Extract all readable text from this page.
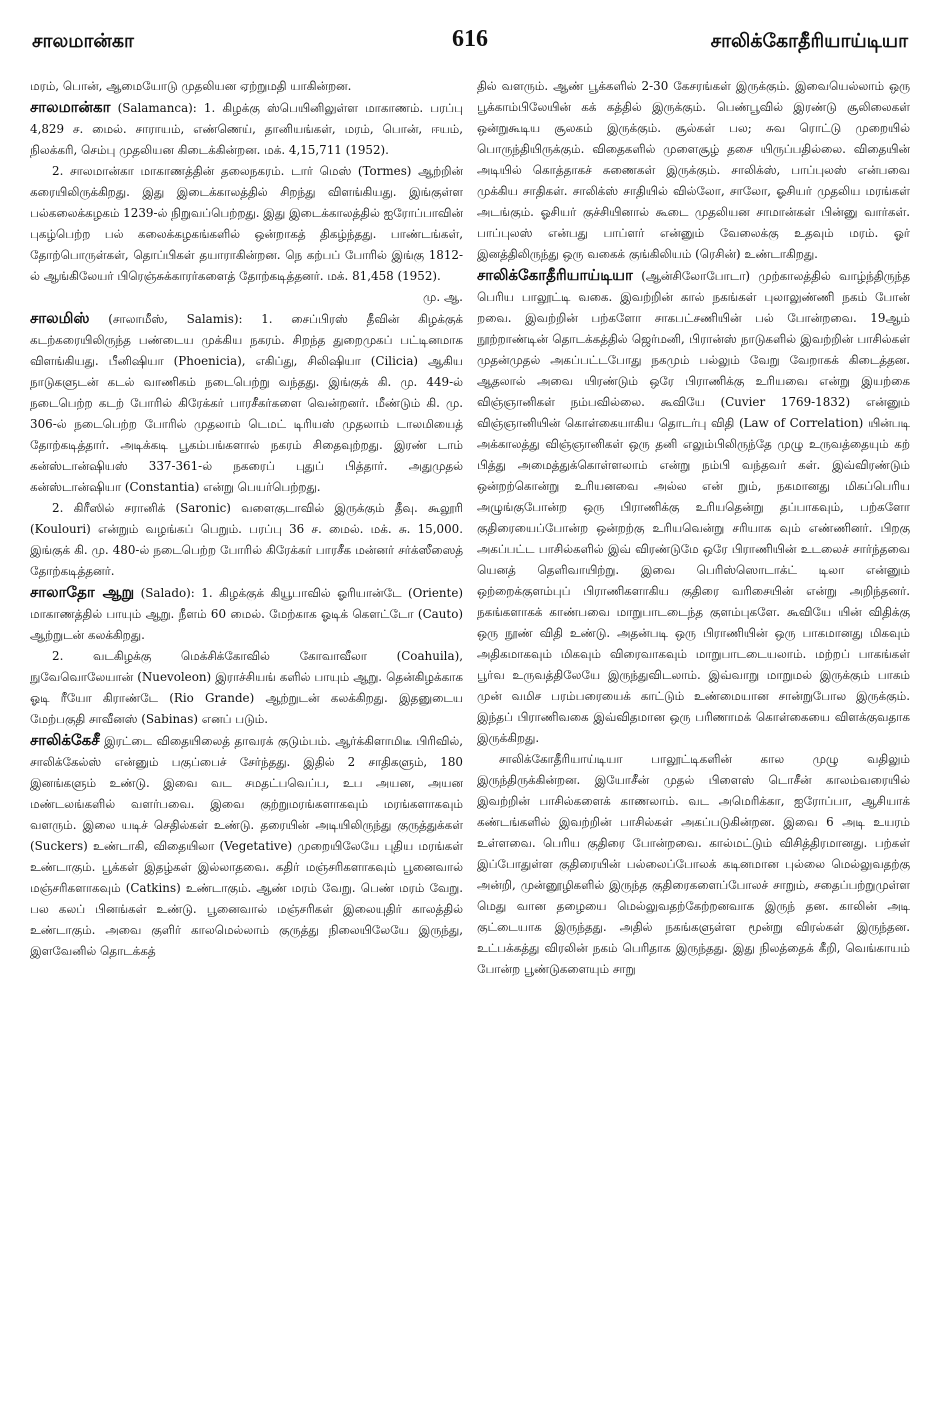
சாலமான்கா	616	சாலிக்கோதீரியாய்டியா

மரம், பொன், ஆமையோடு முதலியன ஏற்றுமதி யாகின்றன.

சாலமான்கா (Salamanca): 1. கிழக்கு ஸ்பெயினிலுள்ள மாகாணம். பரப்பு 4,829 ச. மைல். சாராயம், எண்ணெய், தானியங்கள், மரம், பொன், ஈயம், நிலக்கரி, செம்பு முதலியன கிடைக்கின்றன. மக். 4,15,711 (1952).

2. சாலமான்கா மாகாணத்தின் தலைநகரம். டார் மெஸ் (Tormes) ஆற்றின் கரையிலிருக்கிறது. இது இடைக்காலத்தில் சிறந்து விளங்கியது. இங்குள்ள பல்கலைக்கழகம் 1239-ல் நிறுவப்பெற்றது. இது இடைக்காலத்தில் ஐரோப்பாவின் புகழ்பெற்ற பல் கலைக்கழகங்களில் ஒன்றாகத் திகழ்ந்தது. பாண்டங்கள், தோற்பொருள்கள், தொப்பிகள் தயாராகின்றன. நெ கற்பப் போரில் இங்கு 1812-ல் ஆங்கிலேயர் பிரெஞ்சுக்காரர்களைத் தோற்கடித்தனர். மக். 81,458 (1952).
மு. ஆ.

சாலமிஸ் (சாலாமீஸ், Salamis): 1. சைப்பிரஸ் தீவின் கிழக்குக் கடற்கரையிலிருந்த பண்டைய முக்கிய நகரம். சிறந்த துறைமுகப் பட்டினமாக விளங்கியது. பீனிஷியா (Phoenicia), எகிப்து, சிலிஷியா (Cilicia) ஆகிய நாடுகளுடன் கடல் வாணிகம் நடைபெற்று வந்தது. இங்குக் கி. மு. 449-ல் நடைபெற்ற கடற் போரில் கிரேக்கர் பாரசீகர்களை வென்றனர். மீண்டும் கி. மு. 306-ல் நடைபெற்ற போரில் முதலாம் டெமட் டிரியஸ் முதலாம் டாலமியைத் தோற்கடித்தார். அடிக்கடி பூகம்பங்களால் நகரம் சிதைவுற்றது. இரண் டாம் கன்ஸ்டான்ஷியஸ் 337-361-ல் நகரைப் புதுப் பித்தார். அதுமுதல் கன்ஸ்டான்ஷியா (Constantia) என்று பெயர்பெற்றது.

2. கிரீஸில் சரானிக் (Saronic) வளைகுடாவில் இருக்கும் தீவு. கூலூரி (Koulouri) என்றும் வழங்கப் பெறும். பரப்பு 36 ச. மைல். மக். சு. 15,000. இங்குக் கி. மு. 480-ல் நடைபெற்ற போரில் கிரேக்கர் பாரசீக மன்னர் சர்க்ஸீஸைத் தோற்கடித்தனர்.

சாலாதோ ஆறு (Salado): 1. கிழக்குக் கியூபாவில் ஓரியான்டே (Oriente) மாகாணத்தில் பாயும் ஆறு. நீளம் 60 மைல். மேற்காக ஓடிக் கௌட்டோ (Cauto) ஆற்றுடன் கலக்கிறது.

2. வடகிழக்கு மெக்சிக்கோவில் கோவாவீலா (Coahuila), நுவேவொலேயான் (Nuevoleon) இராச்சியங் களில் பாயும் ஆறு. தென்கிழக்காக ஓடி ரீயோ கிராண்டே (Rio Grande) ஆற்றுடன் கலக்கிறது. இதனுடைய மேற்பகுதி சாவீனஸ் (Sabinas) எனப் படும்.

சாலிக்கேசீ இரட்டை விதையிலைத் தாவரக் குடும்பம். ஆர்க்கிளாமிடீ பிரிவில், சாலிக்கேல்ஸ் என்னும் பகுப்பைச் சேர்ந்தது. இதில் 2 சாதிகளும், 180 இனங்களும் உண்டு. இவை வட சமதட்பவெப்ப, உப அயன, அயன மண்டலங்களில் வளர்பவை. இவை குற்றுமரங்களாகவும் மரங்களாகவும் வளரும். இலை யடிச் செதில்கள் உண்டு. தரையின் அடியிலிருந்து குருத்துக்கள் (Suckers) உண்டாகி, விதையிலா (Vegetative) முறையிலேயே புதிய மரங்கள் உண்டாகும். பூக்கள் இதழ்கள் இல்லாதவை. கதிர் மஞ்சரிகளாகவும் பூனைவால் மஞ்சரிகளாகவும் (Catkins) உண்டாகும். ஆண் மரம் வேறு. பெண் மரம் வேறு. பல கலப் பினங்கள் உண்டு. பூனைவால் மஞ்சரிகள் இலையுதிர் காலத்தில் உண்டாகும். அவை குளிர் காலமெல்லாம் குருத்து நிலையிலேயே இருந்து, இளவேனில் தொடக்கத்

தில் வளரும். ஆண் பூக்களில் 2-30 கேசரங்கள் இருக்கும். இவையெல்லாம் ஒரு பூக்காம்பிலேயின் கக் கத்தில் இருக்கும். பெண்பூவில் இரண்டு சூலிலைகள் ஒன்றுகூடிய சூலகம் இருக்கும். சூல்கள் பல; சுவ ரொட்டு முறையில் பொருந்தியிருக்கும். விதைகளில் முளைசூழ் தசை யிருப்பதில்லை. விதையின் அடியில் கொத்தாகச் சுணைகள் இருக்கும். சாலிக்ஸ், பாப்புலஸ் என்பவை முக்கிய சாதிகள். சாலிக்ஸ் சாதியில் வில்லோ, சாலோ, ஓசியர் முதலிய மரங்கள் அடங்கும். ஓசியர் குச்சியினால் கூடை முதலியன சாமான்கள் பின்னு வார்கள். பாப்புலஸ் என்பது பாப்ளர் என்னும் வேலைக்கு உதவும் மரம். ஓர் இனத்திலிருந்து ஒரு வகைக் குங்கிலியம் (ரெசின்) உண்டாகிறது.

சாலிக்கோதீரியாய்டியா (ஆன்சிலோபோடா) முற்காலத்தில் வாழ்ந்திருந்த பெரிய பாலூட்டி வகை. இவற்றின் கால் நகங்கள் புலாலுண்ணி நகம் போன் றவை. இவற்றின் பற்களோ சாகபட்சணியின் பல் போன்றவை. 19ஆம் நூற்றாண்டின் தொடக்கத்தில் ஜெர்மனி, பிரான்ஸ் நாடுகளில் இவற்றின் பாசில்கள் முதன்முதல் அகப்பட்டபோது நகமும் பல்லும் வேறு வேறாகக் கிடைத்தன. ஆதலால் அவை யிரண்டும் ஒரே பிராணிக்கு உரியவை என்று இயற்கை விஞ்ஞானிகள் நம்பவில்லை. கூவியே (Cuvier 1769-1832) என்னும் விஞ்ஞானியின் கொள்கையாகிய தொடர்பு விதி (Law of Correlation) யின்படி அக்காலத்து விஞ்ஞானிகள் ஒரு தனி எலும்பிலிருந்தே முழு உருவத்தையும் கற் பித்து அமைத்துக்கொள்ளலாம் என்று நம்பி வந்தவர் கள். இவ்விரண்டும் ஒன்றற்கொன்று உரியனவை அல்ல என் றும், நகமானது மிகப்பெரிய அழுங்குபோன்ற ஒரு பிராணிக்கு உரியதென்று தப்பாகவும், பற்களோ குதிரையைப்போன்ற ஒன்றற்கு உரியவென்று சரியாக வும் எண்ணினர். பிறகு அகப்பட்ட பாசில்களில் இவ் விரண்டுமே ஒரே பிராணியின் உடலைச் சார்ந்தவை யெனத் தெளிவாயிற்று. இவை பெரிஸ்ஸொடாக்ட் டிலா என்னும் ஒற்றைக்குளம்புப் பிராணிகளாகிய குதிரை வரிசையின் என்று அறிந்தனர். நகங்களாகக் காண்பவை மாறுபாடடைந்த குளம்புகளே. கூவியே யின் விதிக்கு ஒரு நூண் விதி உண்டு. அதன்படி ஒரு பிராணியின் ஒரு பாகமானது மிகவும் அதிகமாகவும் மிகவும் விரைவாகவும் மாறுபாடடையலாம். மற்றப் பாகங்கள் பூர்வ உருவத்திலேயே இருந்துவிடலாம். இவ்வாறு மாறுமல் இருக்கும் பாகம் முன் வமிச பரம்பரையைக் காட்டும் உண்மையான சான்றுபோல இருக்கும். இந்தப் பிராணிவகை இவ்விதமான ஒரு பரிணாமக் கொள்கையை விளக்குவதாக இருக்கிறது.

சாலிக்கோதீரியாய்டியா பாலூட்டிகளின் கால முழு வதிலும் இருந்திருக்கின்றன. இயோசீன் முதல் பிளைஸ் டொசீன் காலம்வரையில் இவற்றின் பாசில்களைக் காணலாம். வட அமெரிக்கா, ஐரோப்பா, ஆசியாக் கண்டங்களில் இவற்றின் பாசில்கள் அகப்படுகின்றன. இவை 6 அடி உயரம் உள்ளவை. பெரிய குதிரை போன்றவை. கால்மட்டும் விசித்திரமானது. பற்கள் இப்போதுள்ள குதிரையின் பல்லைப்போலக் கடினமான புல்லை மெல்லுவதற்கு அன்றி, முன்னூழிகளில் இருந்த குதிரைகளைப்போலச் சாறும், சதைப்பற்றுமுள்ள மெது வான தழையை மெல்லுவதற்கேற்றனவாக இருந் தன. காலின் அடி குட்டையாக இருந்தது. அதில் நகங்களுள்ள மூன்று விரல்கள் இருந்தன. உட்பக்கத்து விரலின் நகம் பெரிதாக இருந்தது. இது நிலத்தைக் கீறி, வெங்காயம் போன்ற பூண்டுகளையும் சாறு
